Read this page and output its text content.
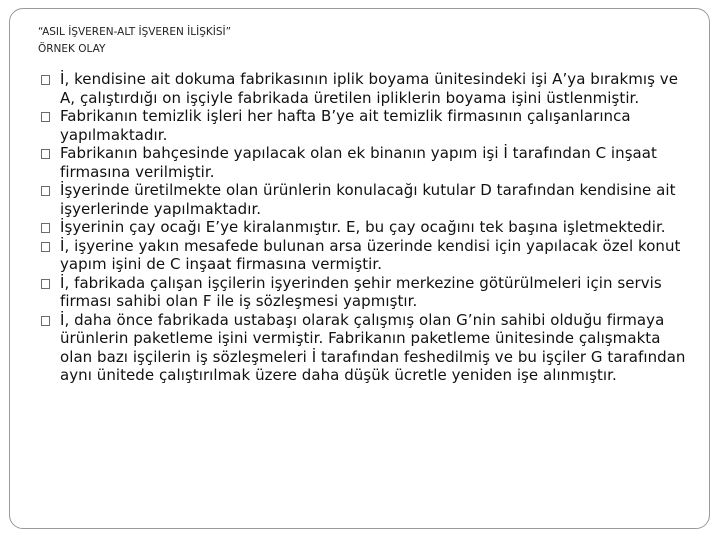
“ASIL İŞVEREN-ALT İŞVEREN İLİŞKİSİ”
ÖRNEK OLAY
İ, kendisine ait dokuma fabrikasının iplik boyama ünitesindeki işi A’ya bırakmış ve A, çalıştırdığı on işçiyle fabrikada üretilen ipliklerin boyama işini üstlenmiştir.
Fabrikanın temizlik işleri her hafta B’ye ait temizlik firmasının çalışanlarınca yapılmaktadır.
Fabrikanın bahçesinde yapılacak olan ek binanın yapım işi İ tarafından C inşaat firmasına verilmiştir.
İşyerinde üretilmekte olan ürünlerin konulacağı kutular D tarafından kendisine ait işyerlerinde yapılmaktadır.
İşyerinin çay ocağı E’ye kiralanmıştır. E, bu çay ocağını tek başına işletmektedir.
İ, işyerine yakın mesafede bulunan arsa üzerinde kendisi için yapılacak özel konut yapım işini de C inşaat firmasına vermiştir.
İ, fabrikada çalışan işçilerin işyerinden şehir merkezine götürülmeleri için servis firması sahibi olan F ile iş sözleşmesi yapmıştır.
İ, daha önce fabrikada ustabaşı olarak çalışmış olan G’nin sahibi olduğu firmaya ürünlerin paketleme işini vermiştir. Fabrikanın paketleme ünitesinde çalışmakta olan bazı işçilerin iş sözleşmeleri İ tarafından feshedilmiş ve bu işçiler G tarafından aynı ünitede çalıştırılmak üzere daha düşük ücretle yeniden işe alınmıştır.
